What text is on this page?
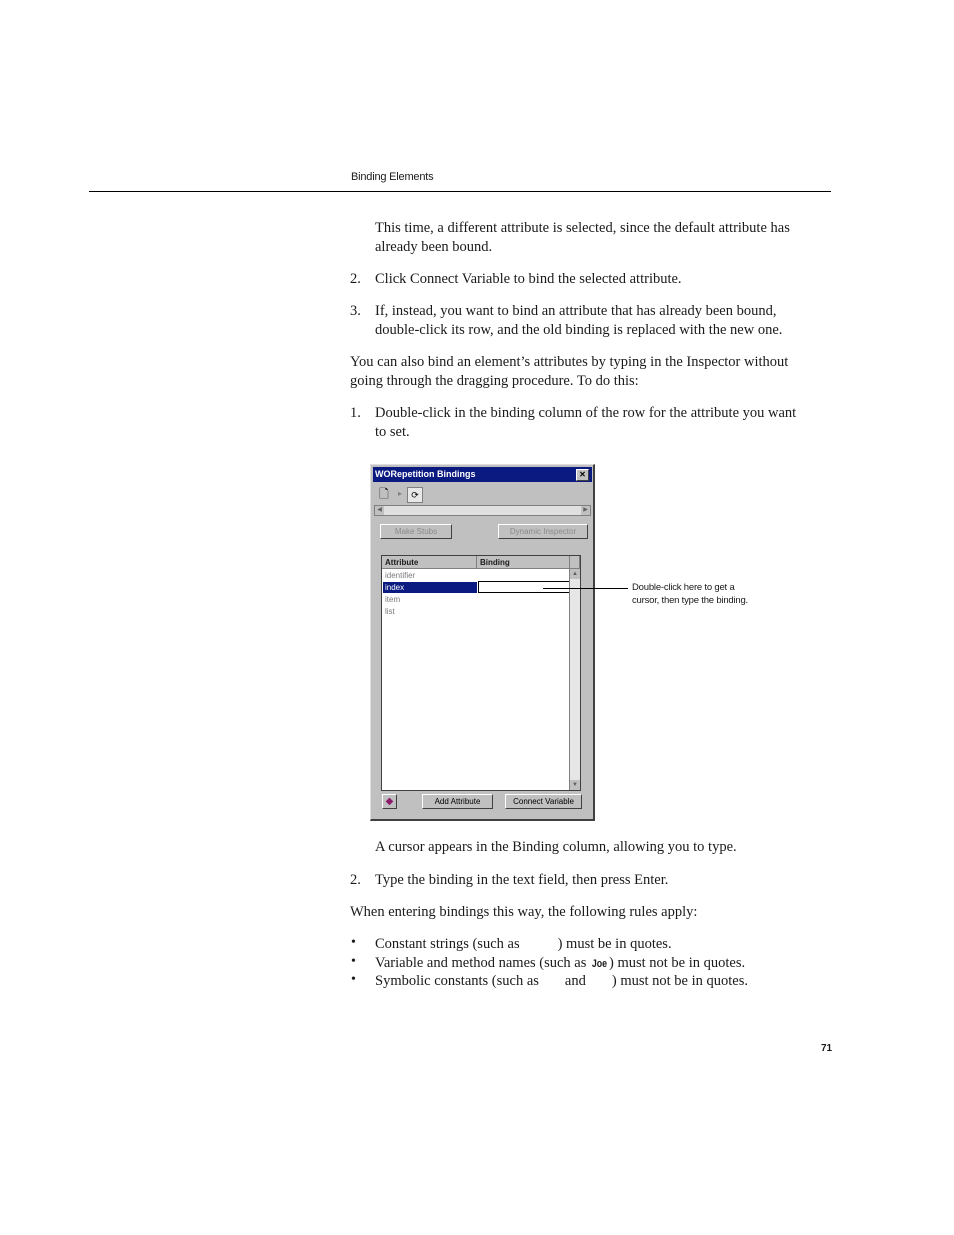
Binding Elements
This time, a different attribute is selected, since the default attribute has already been bound.
2. Click Connect Variable to bind the selected attribute.
3. If, instead, you want to bind an attribute that has already been bound, double-click its row, and the old binding is replaced with the new one.
You can also bind an element’s attributes by typing in the Inspector without going through the dragging procedure. To do this:
1. Double-click in the binding column of the row for the attribute you want to set.
WORepetition Bindings	✕
🗋	▸	⟳
◀	▶
Make Stubs	Dynamic Inspector
Attribute	Binding
identifier
index
item
list
▲
▼
◆	Add Attribute	Connect Variable
Double-click here to get a cursor, then type the binding.
A cursor appears in the Binding column, allowing you to type.
2. Type the binding in the text field, then press Enter.
When entering bindings this way, the following rules apply:
• Constant strings (such as	) must be in quotes.
• Variable and method names (such as Joe ) must not be in quotes.
• Symbolic constants (such as and ) must not be in quotes.
71
